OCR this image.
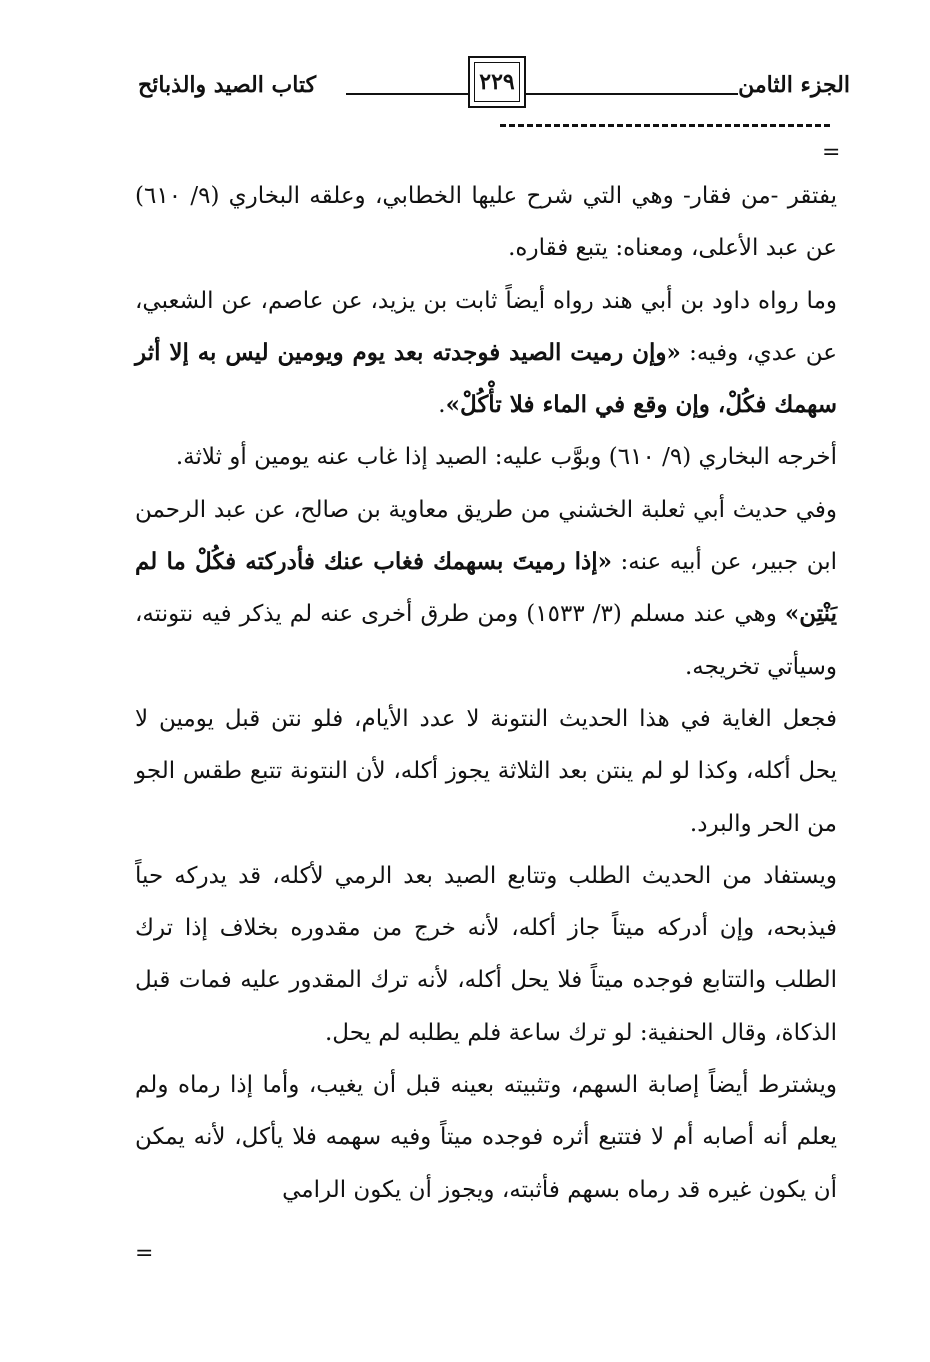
الجزء الثامن
٢٢٩
كتاب الصيد والذبائح
=

يفتقر -من فقار- وهي التي شرح عليها الخطابي، وعلقه البخاري (٩/ ٦١٠) عن عبد الأعلى، ومعناه: يتبع فقاره.

وما رواه داود بن أبي هند رواه أيضاً ثابت بن يزيد، عن عاصم، عن الشعبي، عن عدي، وفيه: «وإن رميت الصيد فوجدته بعد يوم ويومين ليس به إلا أثر سهمك فكُلْ، وإن وقع في الماء فلا تأْكُلْ».

أخرجه البخاري (٩/ ٦١٠) وبوَّب عليه: الصيد إذا غاب عنه يومين أو ثلاثة.

وفي حديث أبي ثعلبة الخشني من طريق معاوية بن صالح، عن عبد الرحمن ابن جبير، عن أبيه عنه: «إذا رميتَ بسهمك فغاب عنك فأدركته فكُلْ ما لم يَنْتِن» وهي عند مسلم (٣/ ١٥٣٣) ومن طرق أخرى عنه لم يذكر فيه نتونته، وسيأتي تخريجه.

فجعل الغاية في هذا الحديث النتونة لا عدد الأيام، فلو نتن قبل يومين لا يحل أكله، وكذا لو لم ينتن بعد الثلاثة يجوز أكله، لأن النتونة تتبع طقس الجو من الحر والبرد.

ويستفاد من الحديث الطلب وتتابع الصيد بعد الرمي لأكله، قد يدركه حياً فيذبحه، وإن أدركه ميتاً جاز أكله، لأنه خرج من مقدوره بخلاف إذا ترك الطلب والتتابع فوجده ميتاً فلا يحل أكله، لأنه ترك المقدور عليه فمات قبل الذكاة، وقال الحنفية: لو ترك ساعة فلم يطلبه لم يحل.

ويشترط أيضاً إصابة السهم، وتثبيته بعينه قبل أن يغيب، وأما إذا رماه ولم يعلم أنه أصابه أم لا فتتبع أثره فوجده ميتاً وفيه سهمه فلا يأكل، لأنه يمكن أن يكون غيره قد رماه بسهم فأثبته، ويجوز أن يكون الرامي

=
